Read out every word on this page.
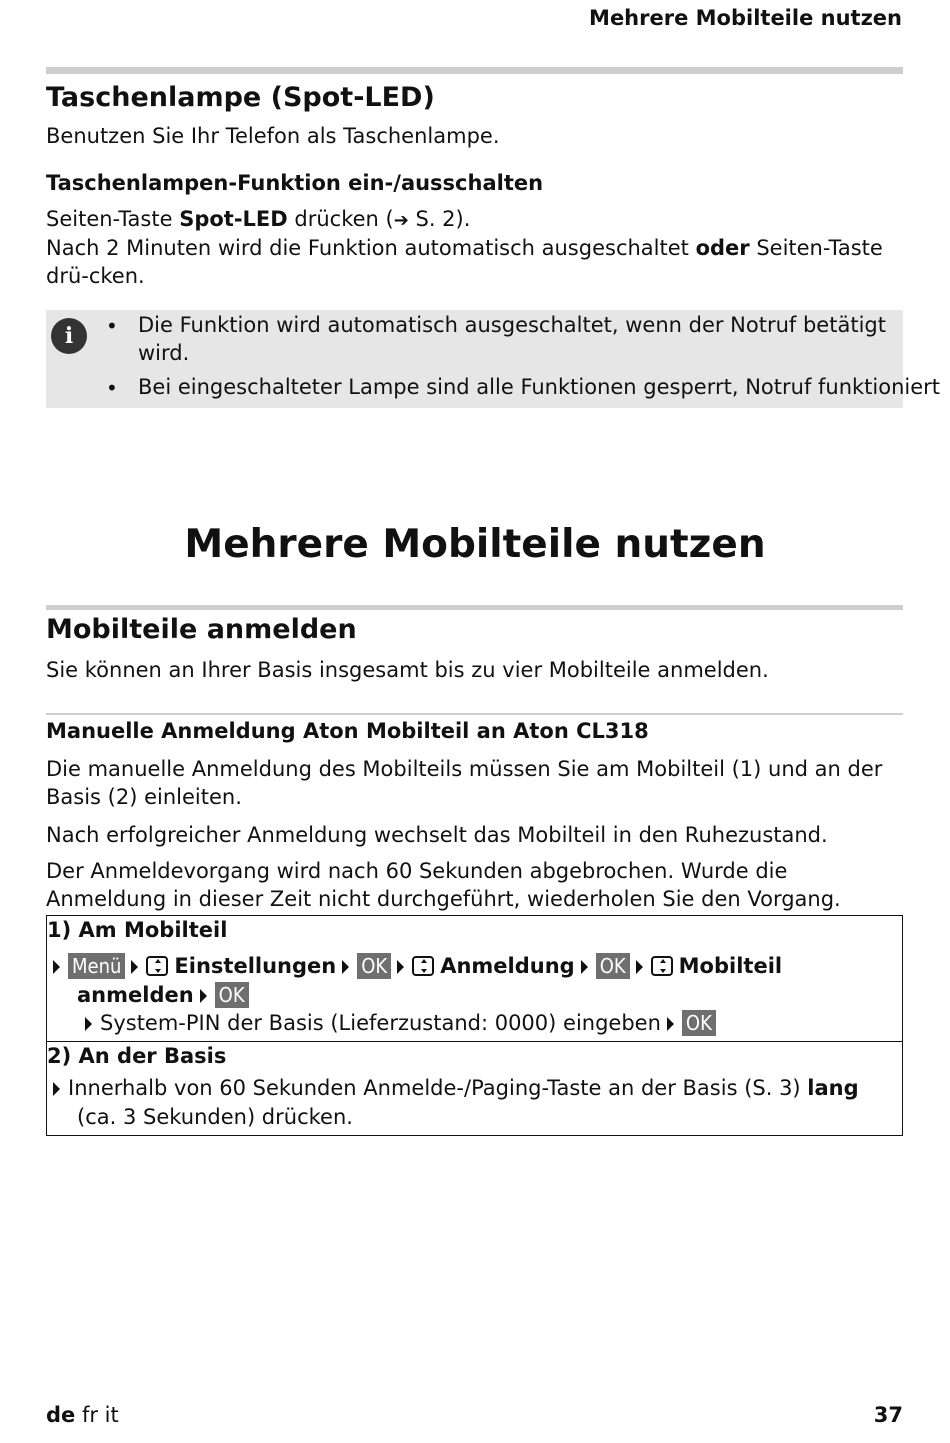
Mehrere Mobilteile nutzen
Taschenlampe (Spot-LED)
Benutzen Sie Ihr Telefon als Taschenlampe.
Taschenlampen-Funktion ein-/ausschalten
Seiten-Taste Spot-LED drücken (➔ S. 2).
Nach 2 Minuten wird die Funktion automatisch ausgeschaltet oder Seiten-Taste drü-cken.
i	• Die Funktion wird automatisch ausgeschaltet, wenn der Notruf betätigt wird.
• Bei eingeschalteter Lampe sind alle Funktionen gesperrt, Notruf funktioniert
Mehrere Mobilteile nutzen
Mobilteile anmelden
Sie können an Ihrer Basis insgesamt bis zu vier Mobilteile anmelden.
Manuelle Anmeldung Aton Mobilteil an Aton CL318
Die manuelle Anmeldung des Mobilteils müssen Sie am Mobilteil (1) und an der Basis (2) einleiten.
Nach erfolgreicher Anmeldung wechselt das Mobilteil in den Ruhezustand.
Der Anmeldevorgang wird nach 60 Sekunden abgebrochen. Wurde die Anmeldung in dieser Zeit nicht durchgeführt, wiederholen Sie den Vorgang.
1) Am Mobilteil
Menü	Einstellungen OK	Anmeldung OK	Mobilteil
anmelden OK
System-PIN der Basis (Lieferzustand: 0000) eingeben OK
2) An der Basis
Innerhalb von 60 Sekunden Anmelde-/Paging-Taste an der Basis (S. 3) lang
(ca. 3 Sekunden) drücken.
de fr it	37
